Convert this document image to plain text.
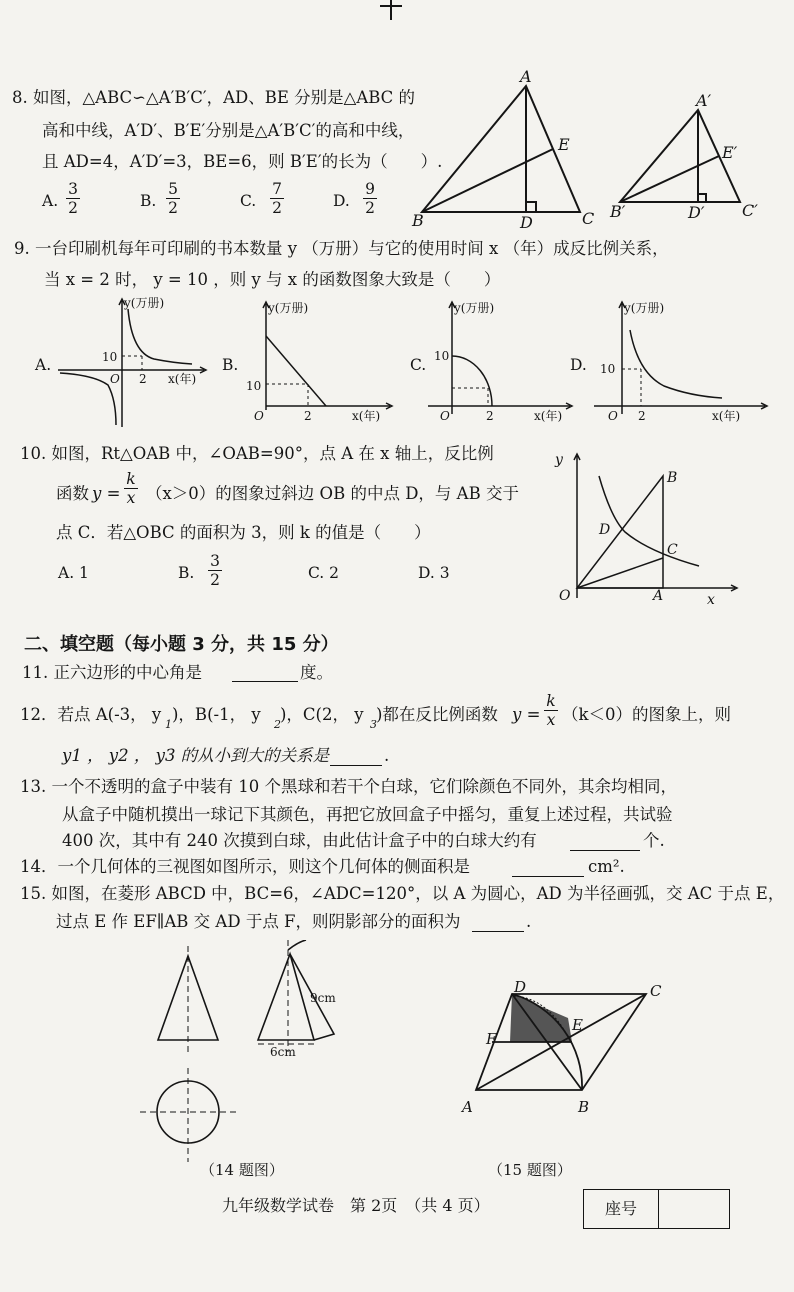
8. 如图，△ABC∽△A′B′C′，AD、BE 分别是△ABC 的
高和中线，A′D′、B′E′分别是△A′B′C′的高和中线，
且 AD=4，A′D′=3，BE=6，则 B′E′的长为（　　）.
A. $\frac{3}{2}$	B. $\frac{5}{2}$	C. $\frac{7}{2}$	D. $\frac{9}{2}$
A
B	C
D
E
A′
B′	C′
D′
E′
9. 一台印刷机每年可印刷的书本数量 y （万册）与它的使用时间 x （年）成反比例关系，
当 x = 2 时， y = 10 ，则 y 与 x 的函数图象大致是（　　）
A.
y(万册)
10
2
O	x(年)
B.
y(万册)
10
2
O	x(年)
C.
y(万册)
10
2
O	x(年)
D.
y(万册)
10
2
O	x(年)
10. 如图，Rt△OAB 中，∠OAB=90°，点 A 在 x 轴上，反比例
函数 $y = \frac{k}{x} (x>0)$的图象过斜边 OB 的中点 D，与 AB 交于
点 C．若△OBC 的面积为 3，则 k 的值是（　　）
A. 1	B. $\frac{3}{2}$	C. 2	D. 3
y
x
O	A
B
C
D
二、填空题（每小题 3 分，共 15 分）
11. 正六边形的中心角是	度。
12．若点 A(-3， y
1
)，B(-1， y
2
)，C(2， y
3
)都在反比例函数 $y = \frac{k}{x} (k<0)$的图象上，则
y1 ， y2 ， y3 的从小到大的关系是	.
13. 一个不透明的盒子中装有 10 个黑球和若干个白球，它们除颜色不同外，其余均相同，
从盒子中随机摸出一球记下其颜色，再把它放回盒子中摇匀，重复上述过程，共试验
400 次，其中有 240 次摸到白球，由此估计盒子中的白球大约有	个.
14．一个几何体的三视图如图所示，则这个几何体的侧面积是	cm².
15. 如图，在菱形 ABCD 中，BC=6，∠ADC=120°，以 A 为圆心，AD 为半径画弧，交 AC 于点 E，
过点 E 作 EF∥AB 交 AD 于点 F，则阴影部分的面积为	.
9cm
6cm
（14 题图）
D	C
F
E
A	B
（15 题图）
九年级数学试卷　第 2页　（共 4 页）	座号
